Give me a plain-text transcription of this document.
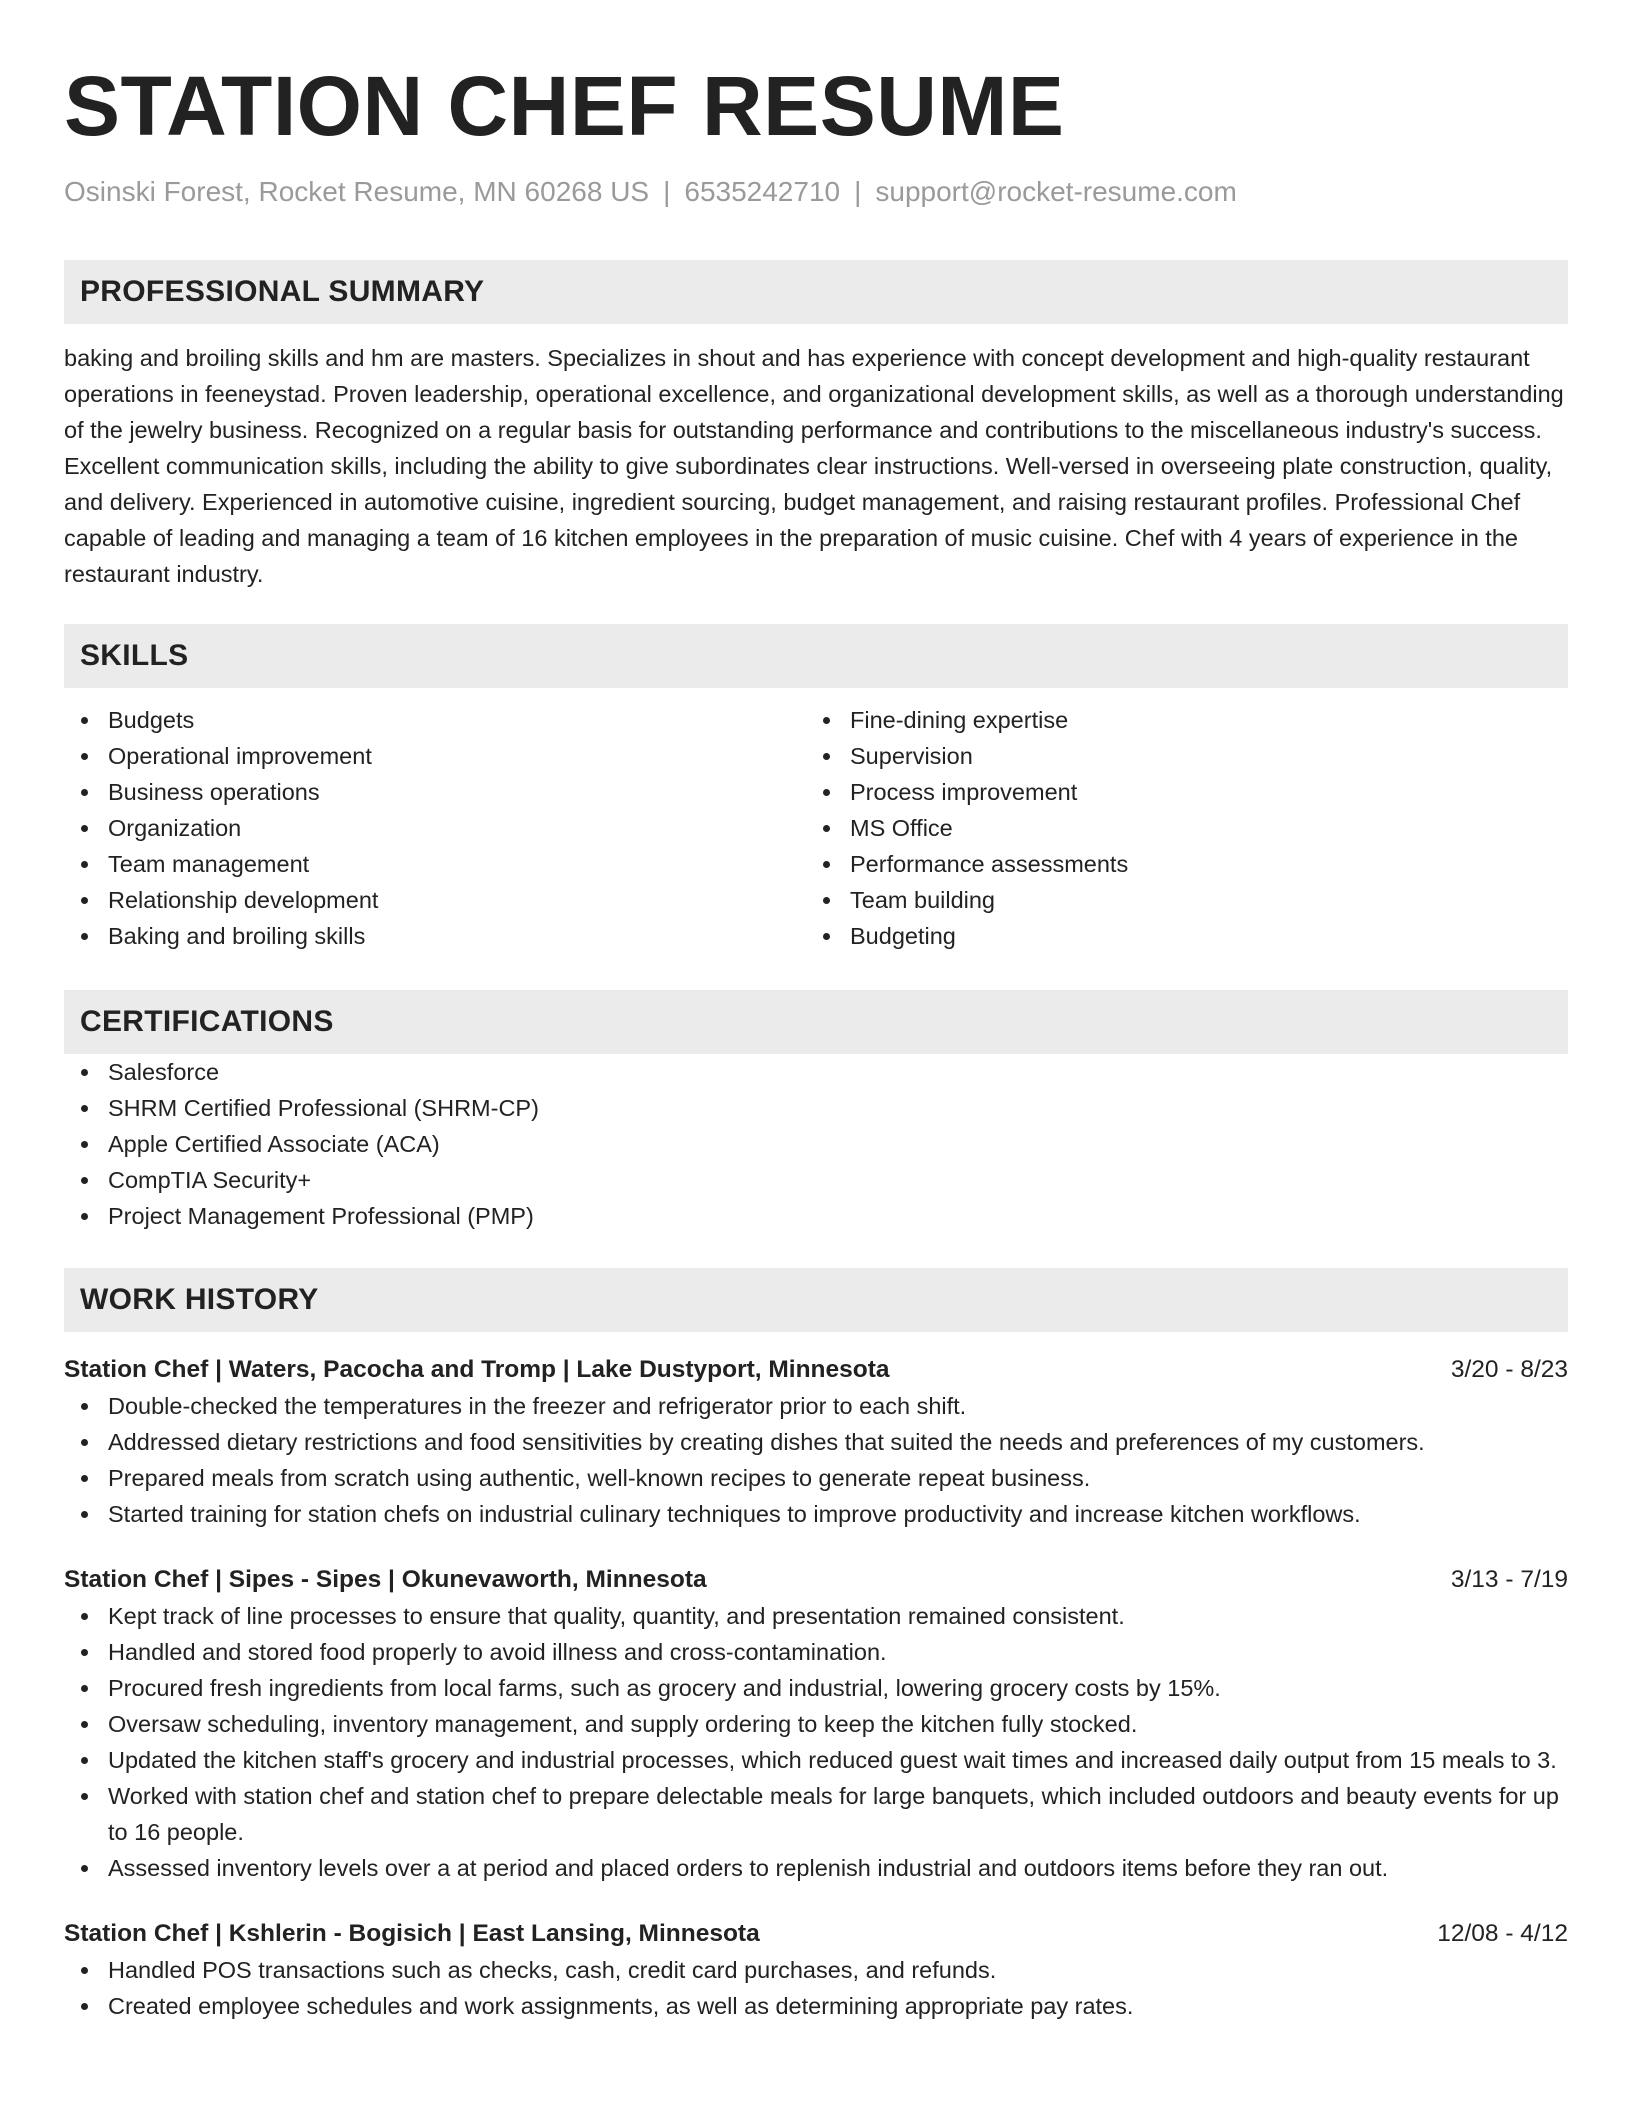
STATION CHEF RESUME
Osinski Forest, Rocket Resume, MN 60268 US | 6535242710 | support@rocket-resume.com
PROFESSIONAL SUMMARY

baking and broiling skills and hm are masters. Specializes in shout and has experience with concept development and high-quality restaurant operations in feeneystad. Proven leadership, operational excellence, and organizational development skills, as well as a thorough understanding of the jewelry business. Recognized on a regular basis for outstanding performance and contributions to the miscellaneous industry's success. Excellent communication skills, including the ability to give subordinates clear instructions. Well-versed in overseeing plate construction, quality, and delivery. Experienced in automotive cuisine, ingredient sourcing, budget management, and raising restaurant profiles. Professional Chef capable of leading and managing a team of 16 kitchen employees in the preparation of music cuisine. Chef with 4 years of experience in the restaurant industry.

SKILLS
Budgets
Operational improvement
Business operations
Organization
Team management
Relationship development
Baking and broiling skills
Fine-dining expertise
Supervision
Process improvement
MS Office
Performance assessments
Team building
Budgeting
CERTIFICATIONS
Salesforce
SHRM Certified Professional (SHRM-CP)
Apple Certified Associate (ACA)
CompTIA Security+
Project Management Professional (PMP)
WORK HISTORY
Station Chef | Waters, Pacocha and Tromp | Lake Dustyport, Minnesota	3/20 - 8/23
Double-checked the temperatures in the freezer and refrigerator prior to each shift.
Addressed dietary restrictions and food sensitivities by creating dishes that suited the needs and preferences of my customers.
Prepared meals from scratch using authentic, well-known recipes to generate repeat business.
Started training for station chefs on industrial culinary techniques to improve productivity and increase kitchen workflows.
Station Chef | Sipes - Sipes | Okunevaworth, Minnesota	3/13 - 7/19
Kept track of line processes to ensure that quality, quantity, and presentation remained consistent.
Handled and stored food properly to avoid illness and cross-contamination.
Procured fresh ingredients from local farms, such as grocery and industrial, lowering grocery costs by 15%.
Oversaw scheduling, inventory management, and supply ordering to keep the kitchen fully stocked.
Updated the kitchen staff's grocery and industrial processes, which reduced guest wait times and increased daily output from 15 meals to 3.
Worked with station chef and station chef to prepare delectable meals for large banquets, which included outdoors and beauty events for up to 16 people.
Assessed inventory levels over a at period and placed orders to replenish industrial and outdoors items before they ran out.
Station Chef | Kshlerin - Bogisich | East Lansing, Minnesota	12/08 - 4/12
Handled POS transactions such as checks, cash, credit card purchases, and refunds.
Created employee schedules and work assignments, as well as determining appropriate pay rates.
